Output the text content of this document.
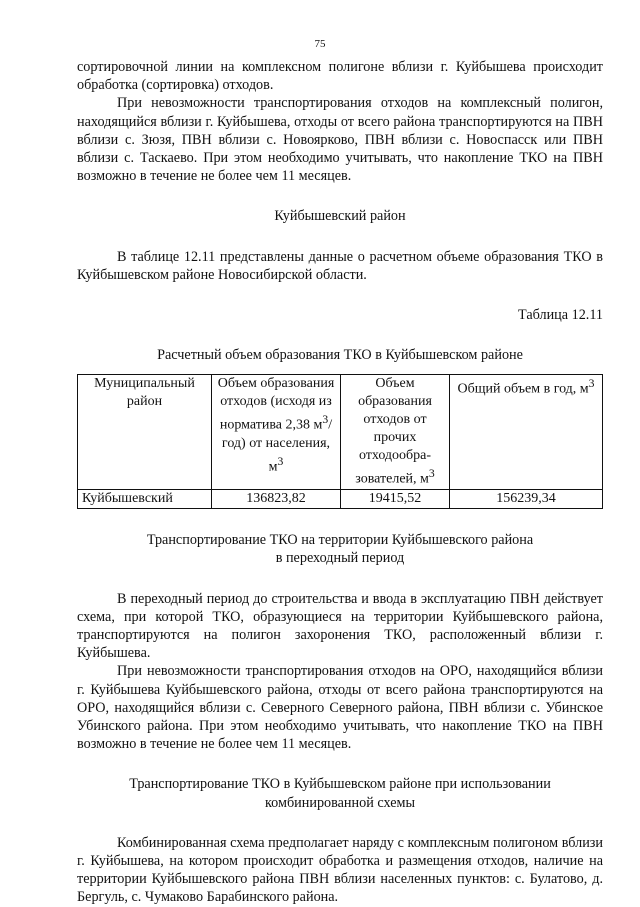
75

сортировочной линии на комплексном полигоне вблизи г. Куйбышева происходит обработка (сортировка) отходов.

При невозможности транспортирования отходов на комплексный полигон, находящийся вблизи г. Куйбышева, отходы от всего района транспортируются на ПВН вблизи с. Зюзя, ПВН вблизи с. Новоярково, ПВН вблизи с. Новоспасск или ПВН вблизи с. Таскаево. При этом необходимо учитывать, что накопление ТКО на ПВН возможно в течение не более чем 11 месяцев.

Куйбышевский район

В таблице 12.11 представлены данные о расчетном объеме образования ТКО в Куйбышевском районе Новосибирской области.

Таблица 12.11

Расчетный объем образования ТКО в Куйбышевском районе

Муниципальный район	Объем образования отходов (исходя из норматива 2,38 $м^3/год$) от населения, $м^3$	Объем образования отходов от прочих отходообра-зователей, $м^3$	Общий объем в год, $м^3$
Куйбышевский	136823,82	19415,52	156239,34

Транспортирование ТКО на территории Куйбышевского района
в переходный период

В переходный период до строительства и ввода в эксплуатацию ПВН действует схема, при которой ТКО, образующиеся на территории Куйбышевского района, транспортируются на полигон захоронения ТКО, расположенный вблизи г. Куйбышева.

При невозможности транспортирования отходов на ОРО, находящийся вблизи г. Куйбышева Куйбышевского района, отходы от всего района транспортируются на ОРО, находящийся вблизи с. Северного Северного района, ПВН вблизи с. Убинское Убинского района. При этом необходимо учитывать, что накопление ТКО на ПВН возможно в течение не более чем 11 месяцев.

Транспортирование ТКО в Куйбышевском районе при использовании
комбинированной схемы

Комбинированная схема предполагает наряду с комплексным полигоном вблизи г. Куйбышева, на котором происходит обработка и размещения отходов, наличие на территории Куйбышевского района ПВН вблизи населенных пунктов: с. Булатово, д. Бергуль, с. Чумаково Барабинского района.
